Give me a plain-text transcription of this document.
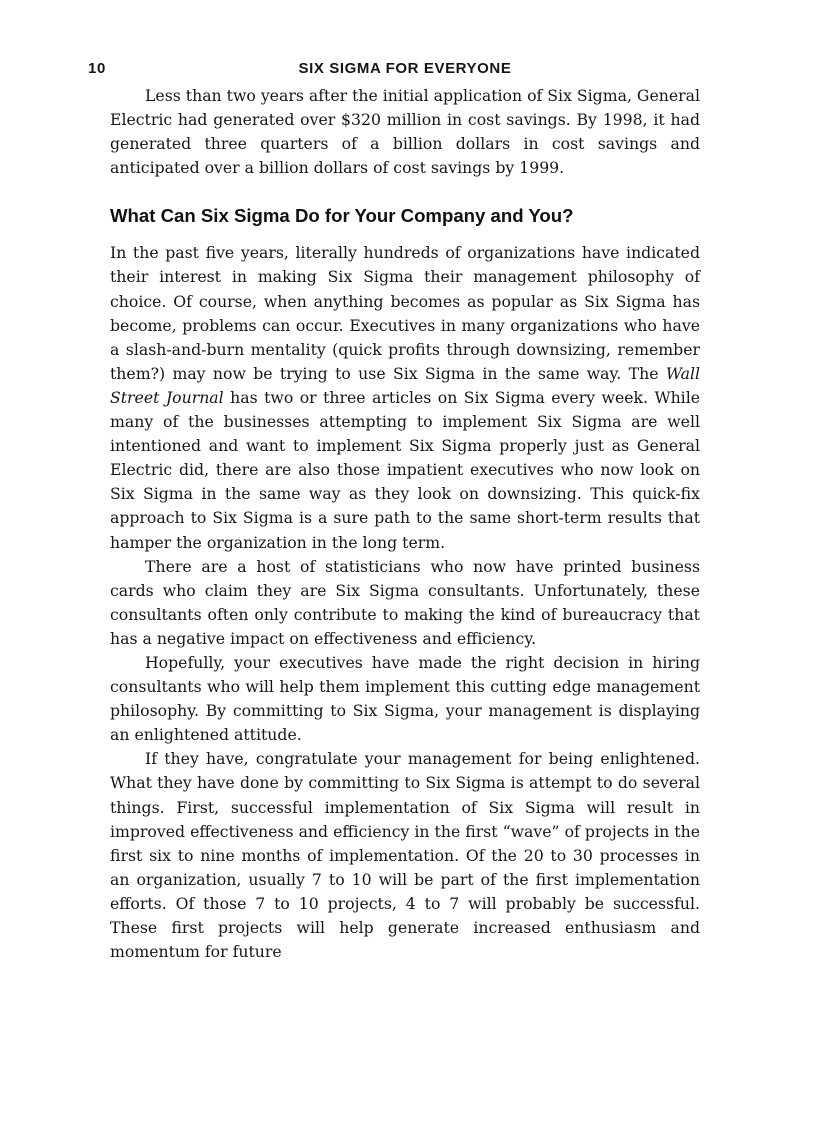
10	SIX SIGMA FOR EVERYONE

Less than two years after the initial application of Six Sigma, General Electric had generated over $320 million in cost savings. By 1998, it had generated three quarters of a billion dollars in cost savings and anticipated over a billion dollars of cost savings by 1999.

What Can Six Sigma Do for Your Company and You?

In the past five years, literally hundreds of organizations have indicated their interest in making Six Sigma their management philosophy of choice. Of course, when anything becomes as popular as Six Sigma has become, problems can occur. Executives in many organizations who have a slash-and-burn mentality (quick profits through downsizing, remember them?) may now be trying to use Six Sigma in the same way. The Wall Street Journal has two or three articles on Six Sigma every week. While many of the businesses attempting to implement Six Sigma are well intentioned and want to implement Six Sigma properly just as General Electric did, there are also those impatient executives who now look on Six Sigma in the same way as they look on downsizing. This quick-fix approach to Six Sigma is a sure path to the same short-term results that hamper the organization in the long term.

There are a host of statisticians who now have printed business cards who claim they are Six Sigma consultants. Unfortunately, these consultants often only contribute to making the kind of bureaucracy that has a negative impact on effectiveness and efficiency.

Hopefully, your executives have made the right decision in hiring consultants who will help them implement this cutting edge management philosophy. By committing to Six Sigma, your management is displaying an enlightened attitude.

If they have, congratulate your management for being enlightened. What they have done by committing to Six Sigma is attempt to do several things. First, successful implementation of Six Sigma will result in improved effectiveness and efficiency in the first “wave” of projects in the first six to nine months of implementation. Of the 20 to 30 processes in an organization, usually 7 to 10 will be part of the first implementation efforts. Of those 7 to 10 projects, 4 to 7 will probably be successful. These first projects will help generate increased enthusiasm and momentum for future
